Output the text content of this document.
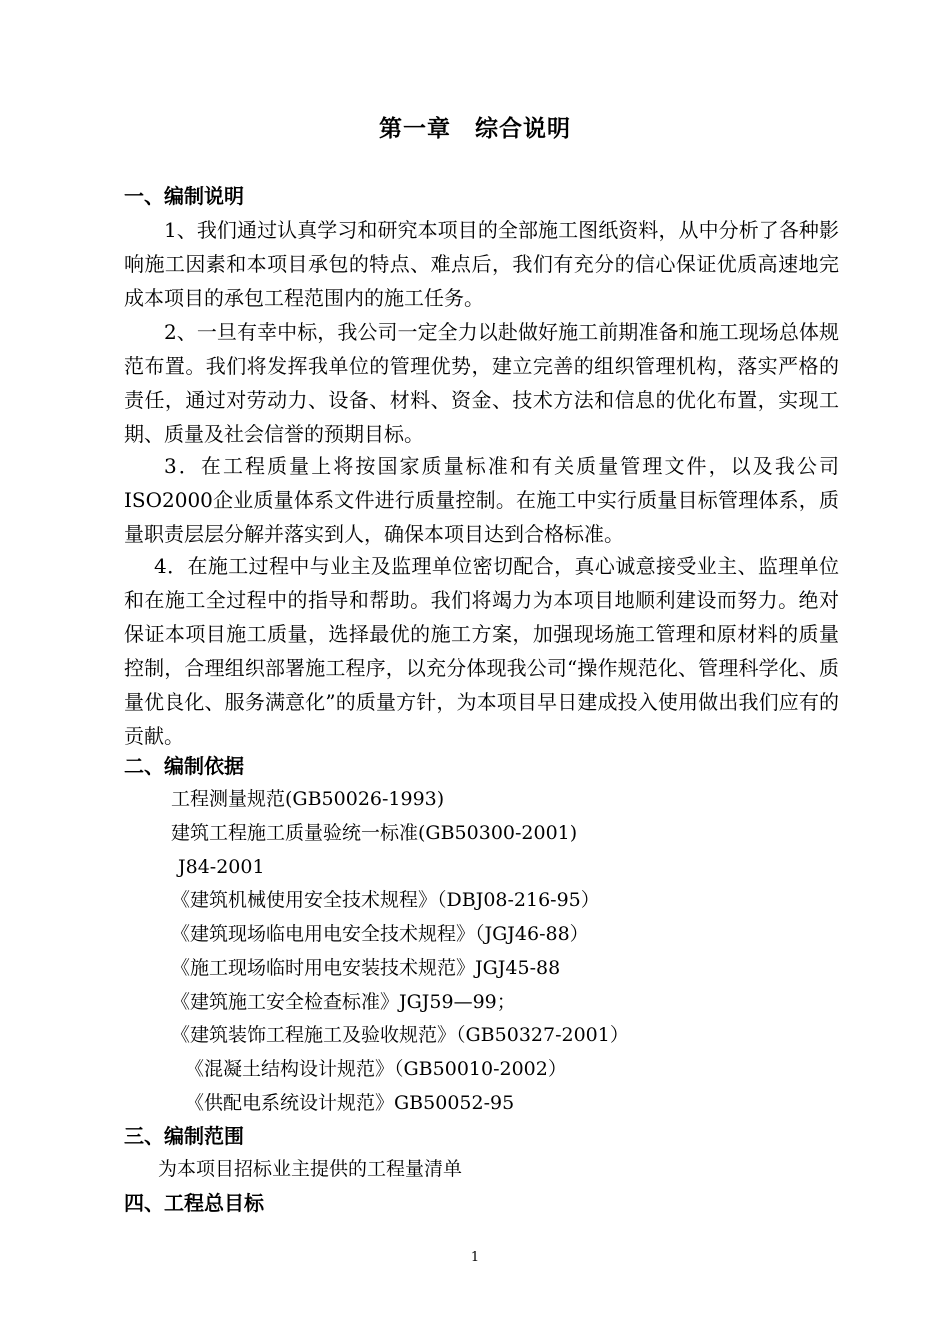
第一章　综合说明
一、编制说明
1、我们通过认真学习和研究本项目的全部施工图纸资料，从中分析了各种影响施工因素和本项目承包的特点、难点后，我们有充分的信心保证优质高速地完成本项目的承包工程范围内的施工任务。
2、一旦有幸中标，我公司一定全力以赴做好施工前期准备和施工现场总体规范布置。我们将发挥我单位的管理优势，建立完善的组织管理机构，落实严格的责任，通过对劳动力、设备、材料、资金、技术方法和信息的优化布置，实现工期、质量及社会信誉的预期目标。
3．在工程质量上将按国家质量标准和有关质量管理文件，以及我公司ISO2000企业质量体系文件进行质量控制。在施工中实行质量目标管理体系，质量职责层层分解并落实到人，确保本项目达到合格标准。
4．在施工过程中与业主及监理单位密切配合，真心诚意接受业主、监理单位和在施工全过程中的指导和帮助。我们将竭力为本项目地顺利建设而努力。绝对保证本项目施工质量，选择最优的施工方案，加强现场施工管理和原材料的质量控制，合理组织部署施工程序，以充分体现我公司“操作规范化、管理科学化、质量优良化、服务满意化”的质量方针，为本项目早日建成投入使用做出我们应有的贡献。
二、编制依据
工程测量规范(GB50026-1993)
建筑工程施工质量验统一标准(GB50300-2001)
J84-2001
《建筑机械使用安全技术规程》（DBJ08-216-95）
《建筑现场临电用电安全技术规程》（JGJ46-88）
《施工现场临时用电安装技术规范》JGJ45-88
《建筑施工安全检查标准》JGJ59—99；
《建筑装饰工程施工及验收规范》（GB50327-2001）
《混凝土结构设计规范》（GB50010-2002）
《供配电系统设计规范》GB50052-95
三、编制范围
为本项目招标业主提供的工程量清单
四、工程总目标
1
